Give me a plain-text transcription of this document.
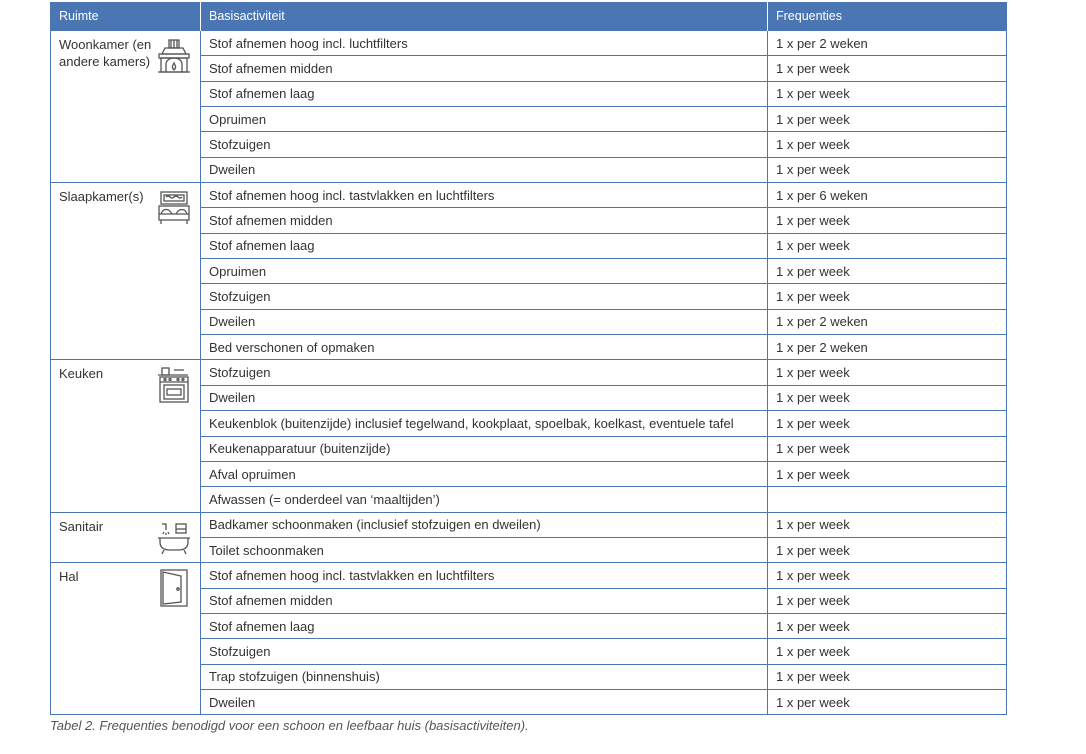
Ruimte	Basisactiviteit	Frequenties

Woonkamer (en andere kamers)	Stof afnemen hoog incl. luchtfilters	1 x per 2 weken
	Stof afnemen midden	1 x per week
	Stof afnemen laag	1 x per week
	Opruimen	1 x per week
	Stofzuigen	1 x per week
	Dweilen	1 x per week

Slaapkamer(s)	Stof afnemen hoog incl. tastvlakken en luchtfilters	1 x per 6 weken
	Stof afnemen midden	1 x per week
	Stof afnemen laag	1 x per week
	Opruimen	1 x per week
	Stofzuigen	1 x per week
	Dweilen	1 x per 2 weken
	Bed verschonen of opmaken	1 x per 2 weken

Keuken	Stofzuigen	1 x per week
	Dweilen	1 x per week
	Keukenblok (buitenzijde) inclusief tegelwand, kookplaat, spoelbak, koelkast, eventuele tafel	1 x per week
	Keukenapparatuur (buitenzijde)	1 x per week
	Afval opruimen	1 x per week
	Afwassen (= onderdeel van ‘maaltijden’)	

Sanitair	Badkamer schoonmaken (inclusief stofzuigen en dweilen)	1 x per week
	Toilet schoonmaken	1 x per week

Hal	Stof afnemen hoog incl. tastvlakken en luchtfilters	1 x per week
	Stof afnemen midden	1 x per week
	Stof afnemen laag	1 x per week
	Stofzuigen	1 x per week
	Trap stofzuigen (binnenshuis)	1 x per week
	Dweilen	1 x per week
Tabel 2. Frequenties benodigd voor een schoon en leefbaar huis (basisactiviteiten).
